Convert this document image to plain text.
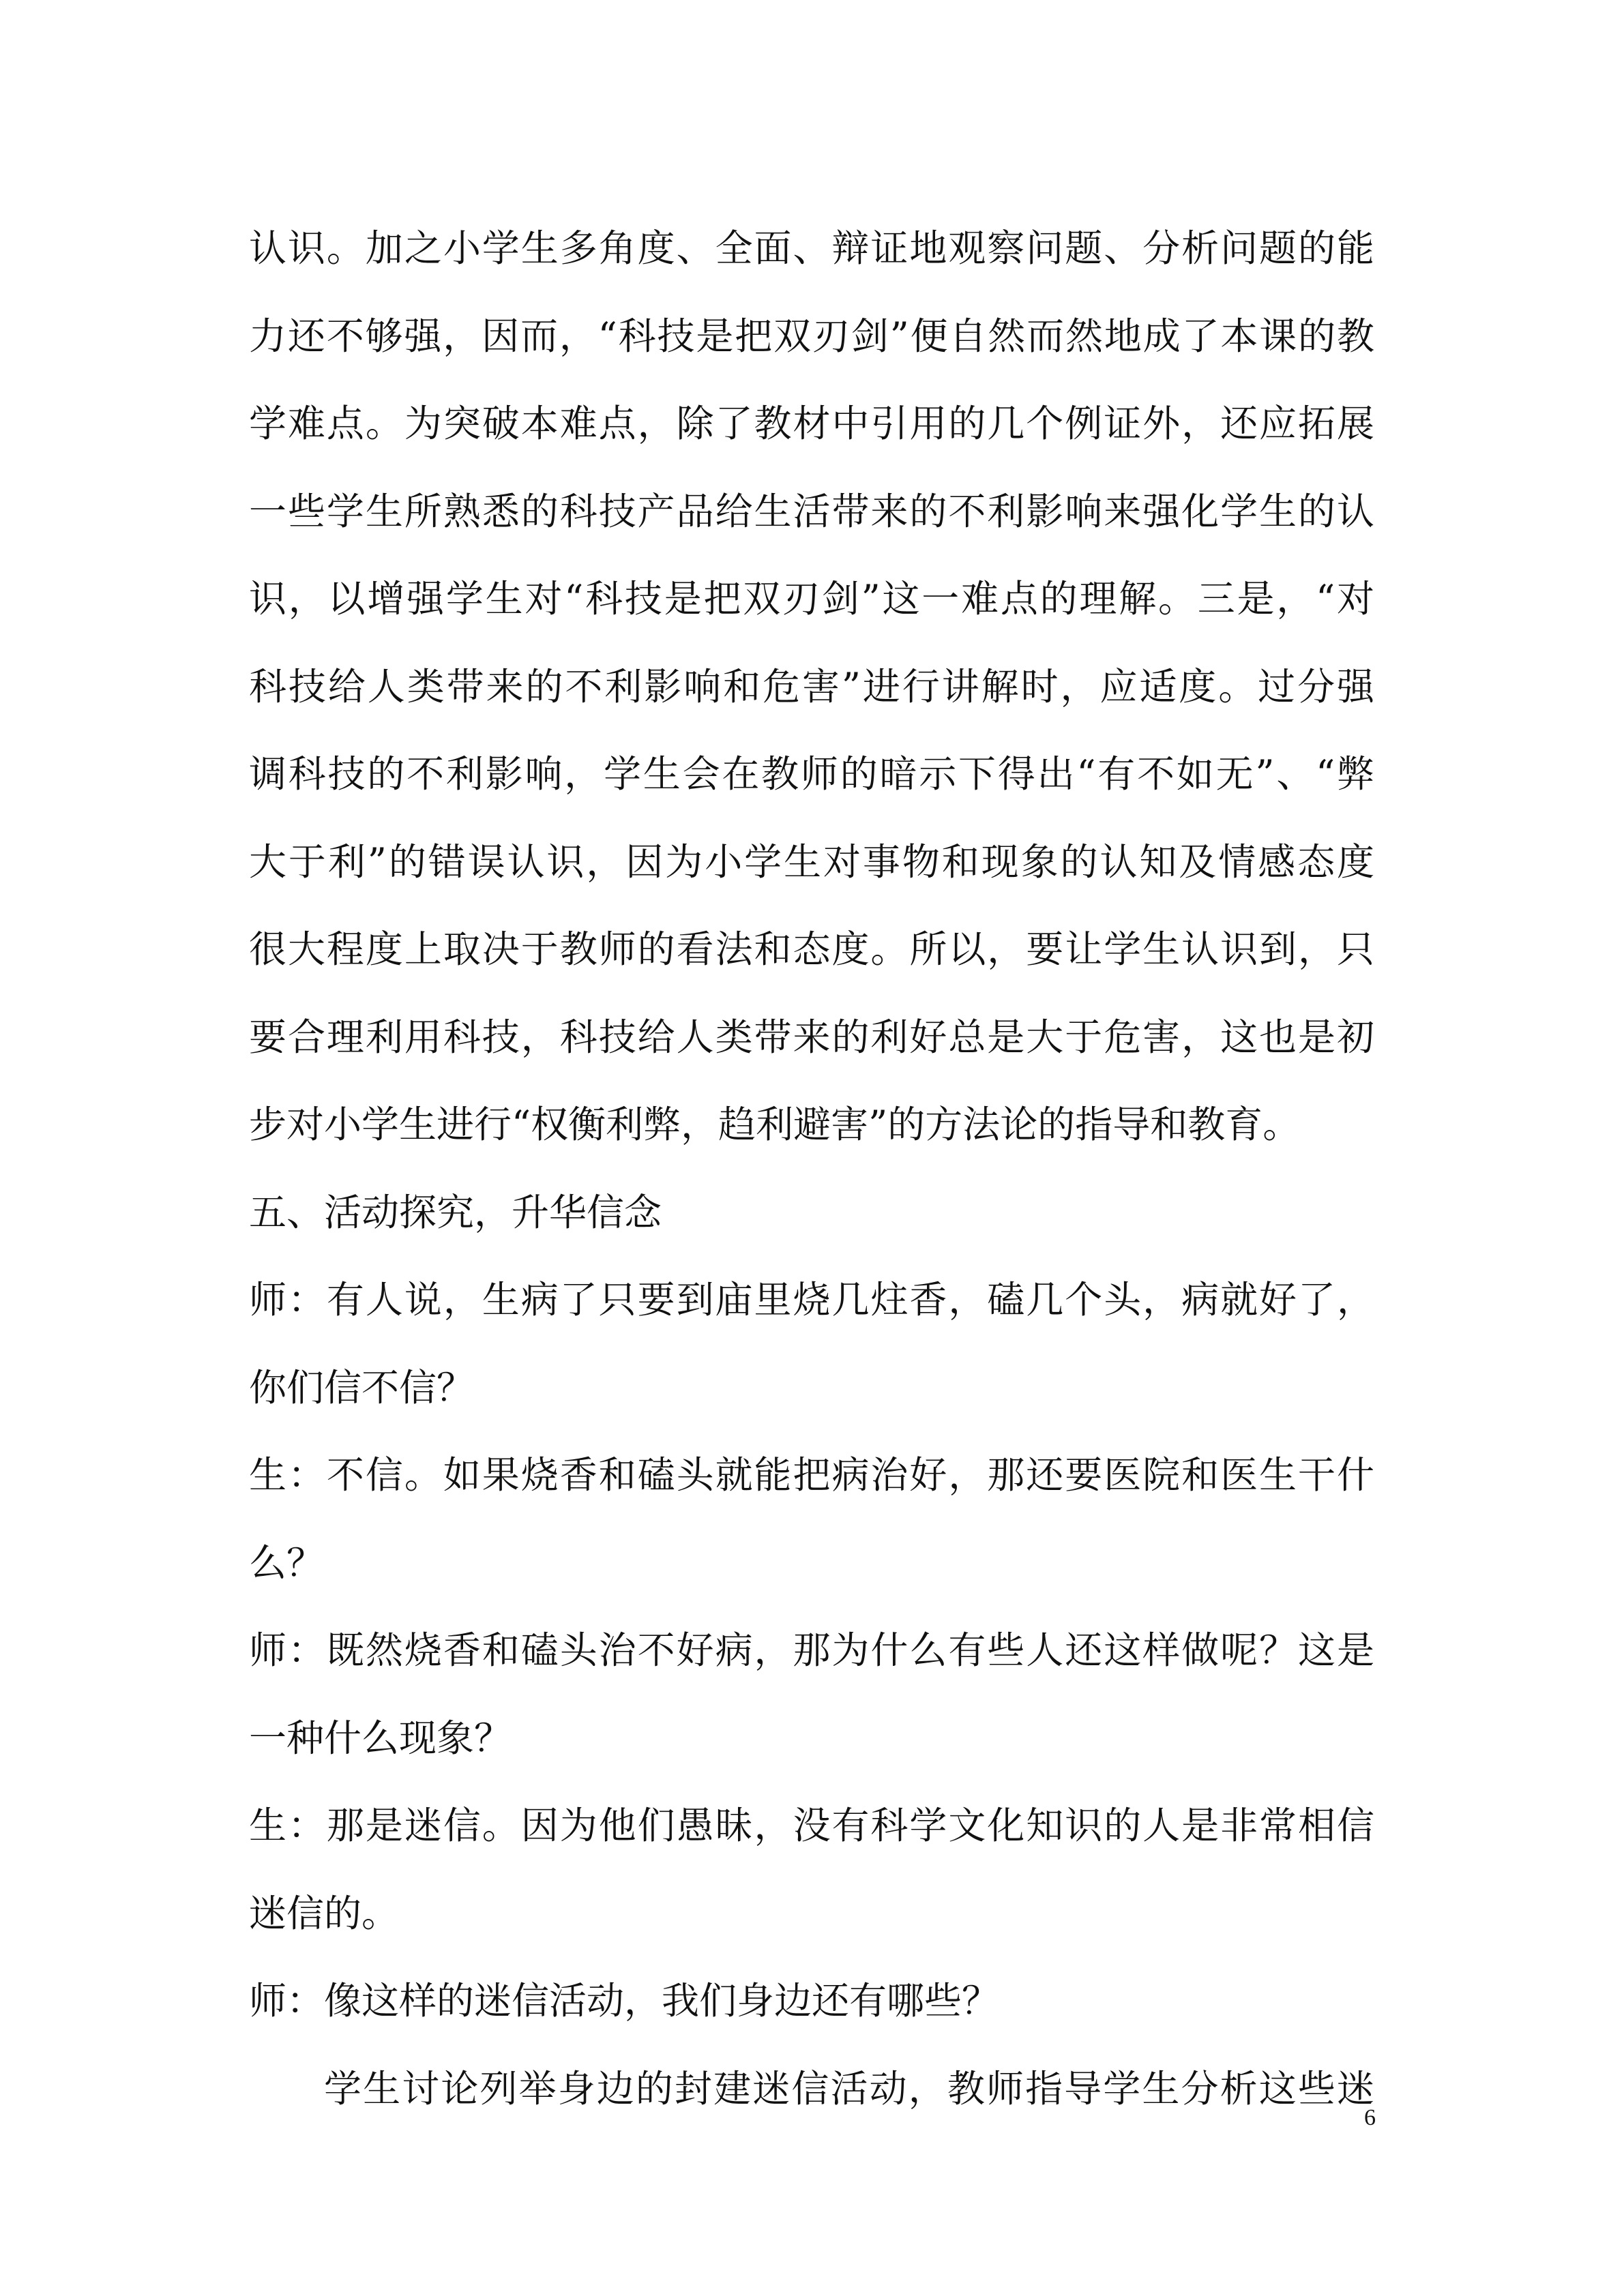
认识。加之小学生多角度、全面、辩证地观察问题、分析问题的能
力还不够强，因而，“科技是把双刃剑”便自然而然地成了本课的教
学难点。为突破本难点，除了教材中引用的几个例证外，还应拓展
一些学生所熟悉的科技产品给生活带来的不利影响来强化学生的认
识，以增强学生对“科技是把双刃剑”这一难点的理解。三是，“对
科技给人类带来的不利影响和危害”进行讲解时，应适度。过分强
调科技的不利影响，学生会在教师的暗示下得出“有不如无”、“弊
大于利”的错误认识，因为小学生对事物和现象的认知及情感态度
很大程度上取决于教师的看法和态度。所以，要让学生认识到，只
要合理利用科技，科技给人类带来的利好总是大于危害，这也是初
步对小学生进行“权衡利弊，趋利避害”的方法论的指导和教育。
五、活动探究，升华信念
师：有人说，生病了只要到庙里烧几炷香，磕几个头，病就好了，
你们信不信？
生：不信。如果烧香和磕头就能把病治好，那还要医院和医生干什
么？
师：既然烧香和磕头治不好病，那为什么有些人还这样做呢？这是
一种什么现象？
生：那是迷信。因为他们愚昧，没有科学文化知识的人是非常相信
迷信的。
师：像这样的迷信活动，我们身边还有哪些？
学生讨论列举身边的封建迷信活动，教师指导学生分析这些迷
6
